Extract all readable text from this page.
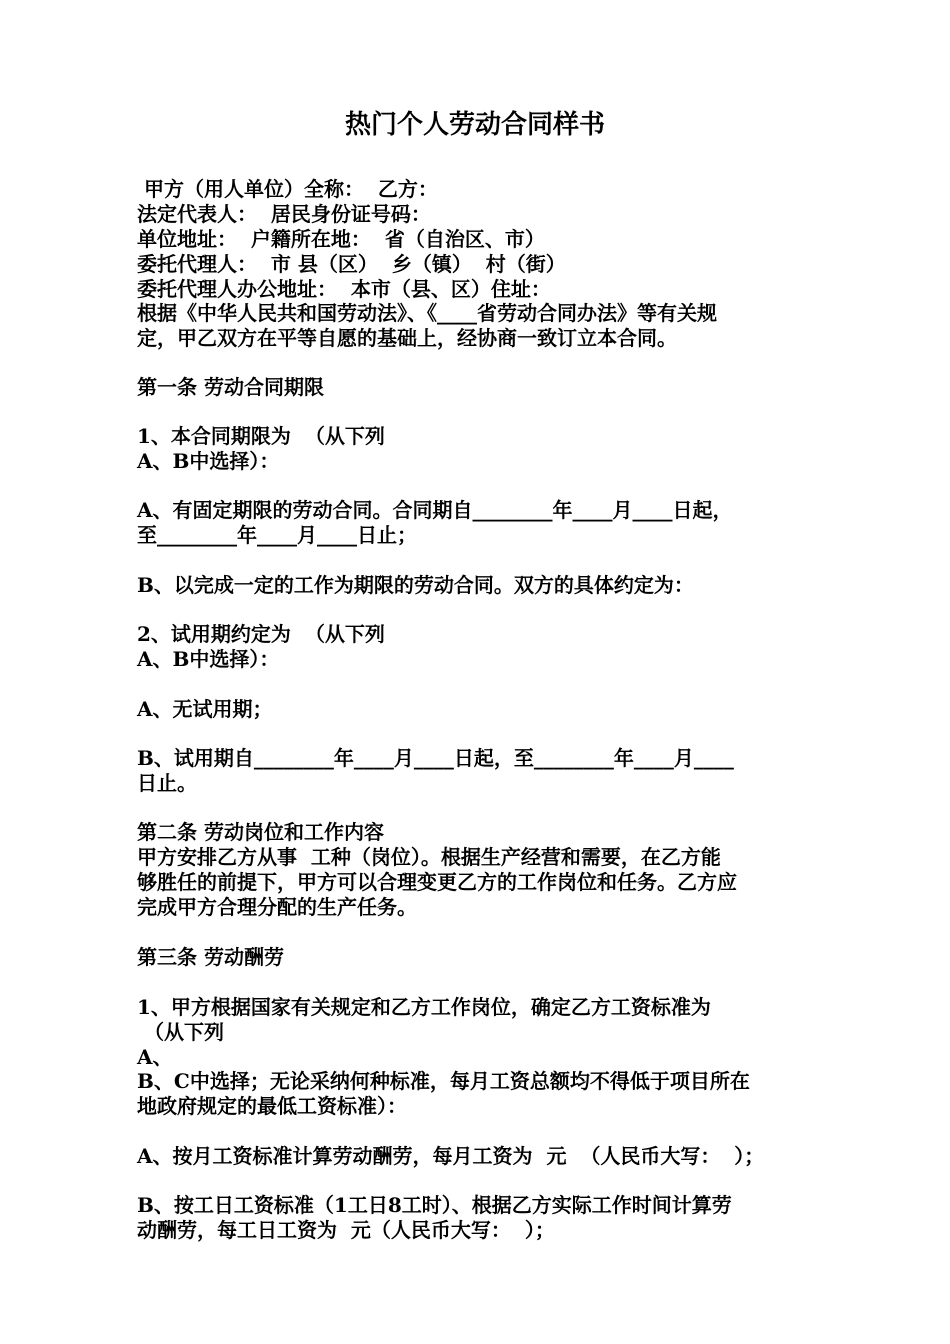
热门个人劳动合同样书
甲方（用人单位）全称：  乙方：
法定代表人：  居民身份证号码：
单位地址：  户籍所在地：  省（自治区、市）
委托代理人：  市 县（区）  乡（镇）  村（街）
委托代理人办公地址：  本市（县、区）住址：
根据《中华人民共和国劳动法》、《____省劳动合同办法》等有关规
定，甲乙双方在平等自愿的基础上，经协商一致订立本合同。
第一条 劳动合同期限
1、本合同期限为  （从下列
A、B中选择）：
A、有固定期限的劳动合同。合同期自________年____月____日起，
至________年____月____日止；
B、以完成一定的工作为期限的劳动合同。双方的具体约定为：
2、试用期约定为  （从下列
A、B中选择）：
A、无试用期；
B、试用期自________年____月____日起，至________年____月____
日止。
第二条 劳动岗位和工作内容
甲方安排乙方从事  工种（岗位）。根据生产经营和需要，在乙方能
够胜任的前提下，甲方可以合理变更乙方的工作岗位和任务。乙方应
完成甲方合理分配的生产任务。
第三条 劳动酬劳
1、甲方根据国家有关规定和乙方工作岗位，确定乙方工资标准为
（从下列
A、
B、C中选择；无论采纳何种标准，每月工资总额均不得低于项目所在
地政府规定的最低工资标准）：
A、按月工资标准计算劳动酬劳，每月工资为  元  （人民币大写：  ）；
B、按工日工资标准（1工日8工时）、根据乙方实际工作时间计算劳
动酬劳，每工日工资为  元（人民币大写：  ）；
